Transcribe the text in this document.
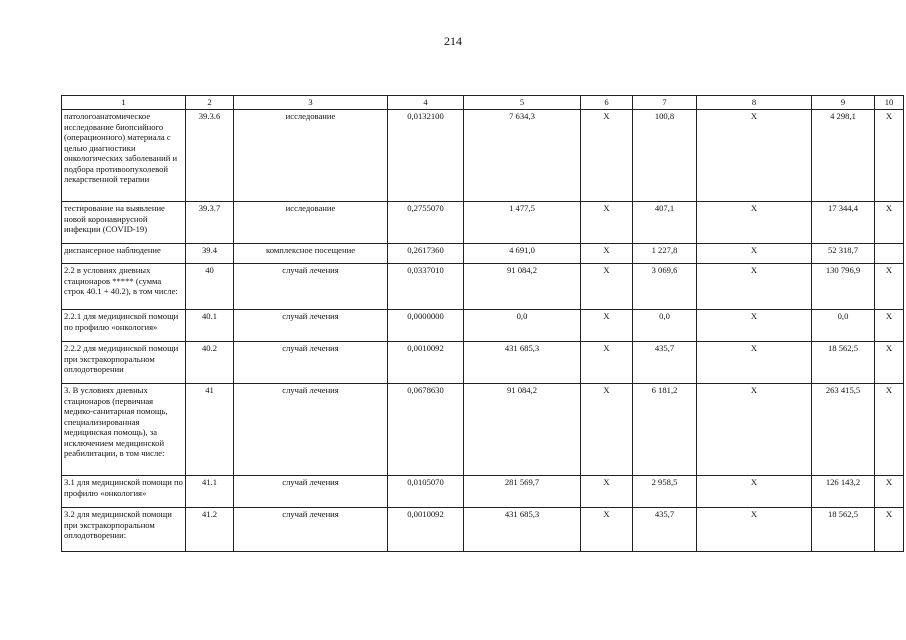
214
1	2	3	4	5	6	7	8	9	10
патологоанатомическое исследование биопсийного (операционного) материала с целью диагностики онкологических заболеваний и подбора противоопухолевой лекарственной терапии	39.3.6	исследование	0,0132100	7 634,3	X	100,8	X	4 298,1	X
тестирование на выявление новой коронавирусной инфекции (COVID-19)	39.3.7	исследование	0,2755070	1 477,5	X	407,1	X	17 344,4	X
диспансерное наблюдение	39.4	комплексное посещение	0,2617360	4 691,0	X	1 227,8	X	52 318,7	
2.2 в условиях дневных стационаров ***** (сумма строк 40.1 + 40.2), в том числе:	40	случай лечения	0,0337010	91 084,2	X	3 069,6	X	130 796,9	X
2.2.1 для медицинской помощи по профилю «онкология»	40.1	случай лечения	0,0000000	0,0	X	0,0	X	0,0	X
2.2.2 для медицинской помощи при экстракорпоральном оплодотворении	40.2	случай лечения	0,0010092	431 685,3	X	435,7	X	18 562,5	X
3. В условиях дневных стационаров (первичная медико-санитарная помощь, специализированная медицинская помощь), за исключением медицинской реабилитации, в том числе:	41	случай лечения	0,0678630	91 084,2	X	6 181,2	X	263 415,5	X
3.1 для медицинской помощи по профилю «онкология»	41.1	случай лечения	0,0105070	281 569,7	X	2 958,5	X	126 143,2	X
3.2 для медицинской помощи при экстракорпоральном оплодотворении:	41.2	случай лечения	0,0010092	431 685,3	X	435,7	X	18 562,5	X
